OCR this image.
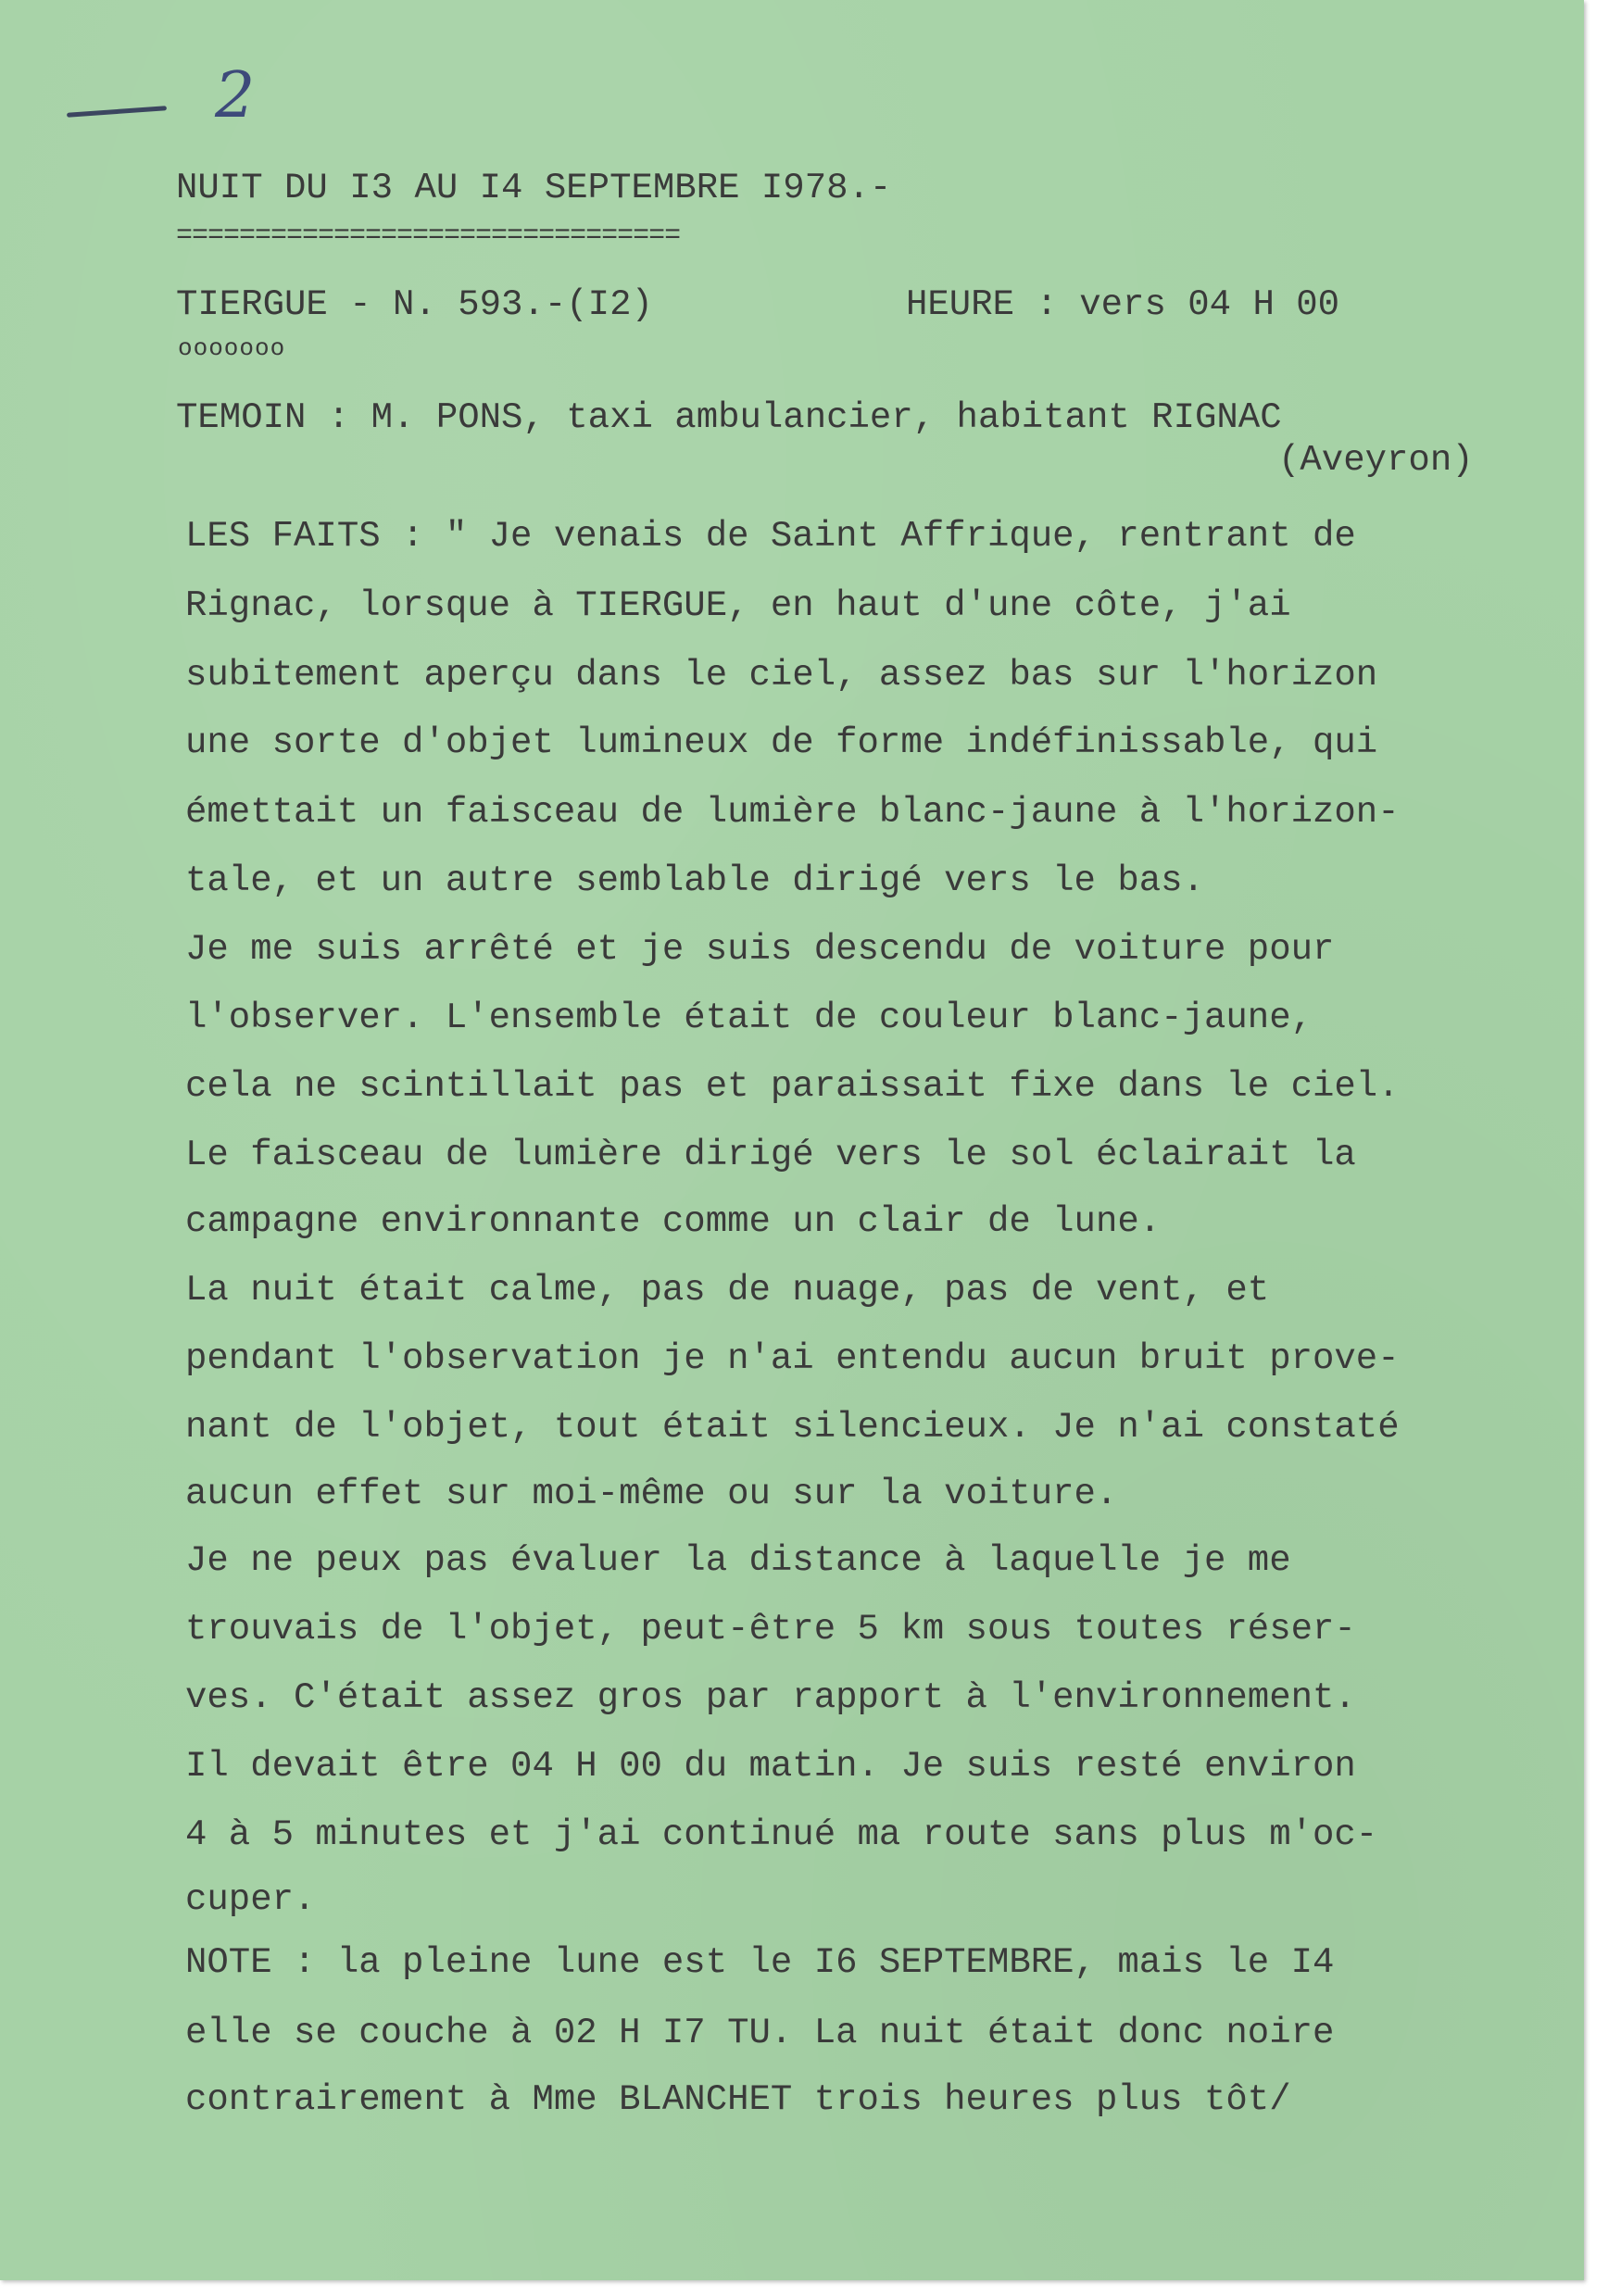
2

NUIT DU I3 AU I4 SEPTEMBRE I978.-

================================

TIERGUE - N. 593.-(I2)	HEURE : vers 04 H 00

ooooooo

TEMOIN : M. PONS, taxi ambulancier, habitant RIGNAC

(Aveyron)

LES FAITS : " Je venais de Saint Affrique, rentrant de

Rignac, lorsque à TIERGUE, en haut d'une côte, j'ai

subitement aperçu dans le ciel, assez bas sur l'horizon

une sorte d'objet lumineux de forme indéfinissable, qui

émettait un faisceau de lumière blanc-jaune à l'horizon-

tale, et un autre semblable dirigé vers le bas.

Je me suis arrêté et je suis descendu de voiture pour

l'observer. L'ensemble était de couleur blanc-jaune,

cela ne scintillait pas et paraissait fixe dans le ciel.

Le faisceau de lumière dirigé vers le sol éclairait la

campagne environnante comme un clair de lune.

La nuit était calme, pas de nuage, pas de vent, et

pendant l'observation je n'ai entendu aucun bruit prove-

nant de l'objet, tout était silencieux. Je n'ai constaté

aucun effet sur moi-même ou sur la voiture.

Je ne peux pas évaluer la distance à laquelle je me

trouvais de l'objet, peut-être 5 km sous toutes réser-

ves. C'était assez gros par rapport à l'environnement.

Il devait être 04 H 00 du matin. Je suis resté environ

4 à 5 minutes et j'ai continué ma route sans plus m'oc-

cuper.

NOTE : la pleine lune est le I6 SEPTEMBRE, mais le I4

elle se couche à 02 H I7 TU. La nuit était donc noire

contrairement à Mme BLANCHET trois heures plus tôt/
